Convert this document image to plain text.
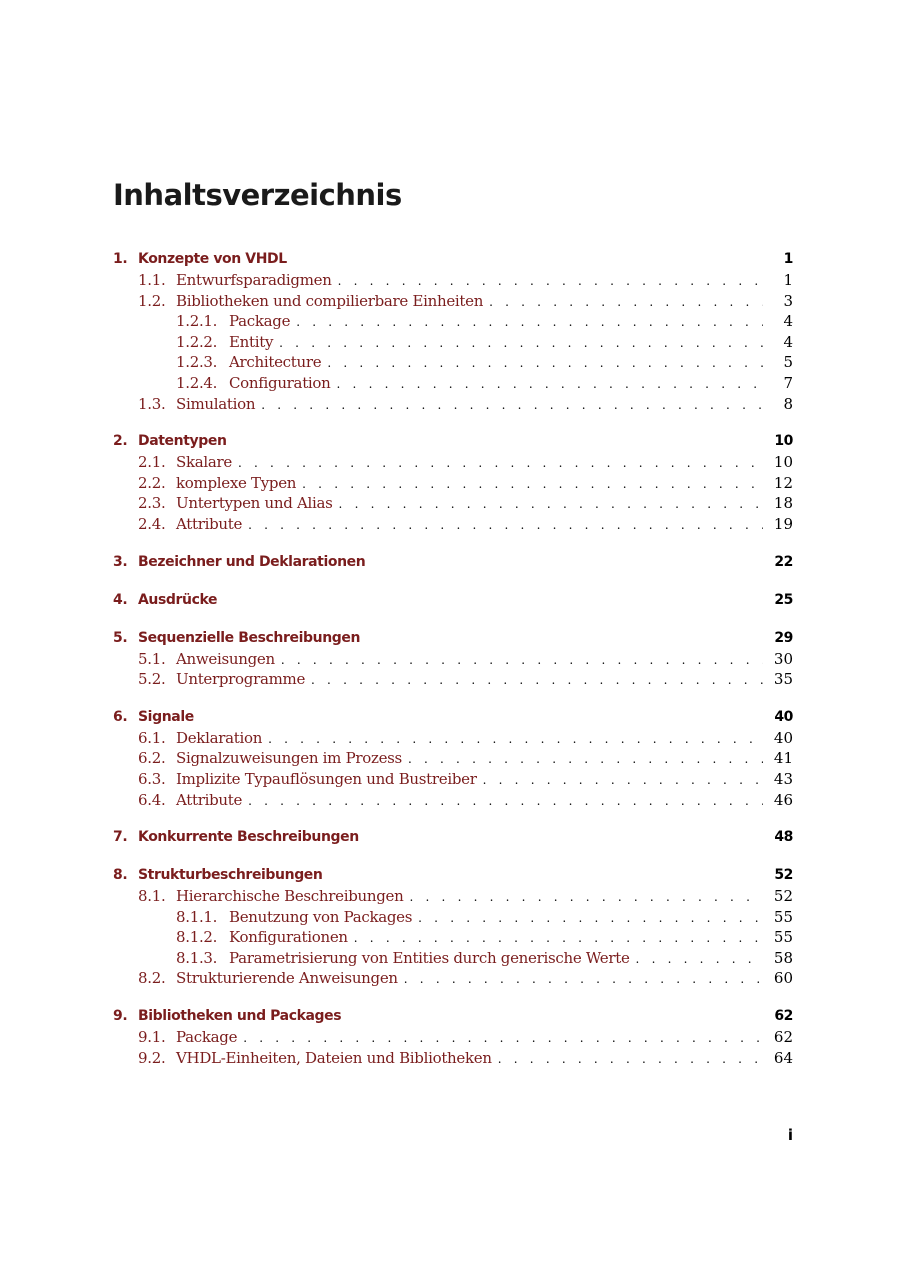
Inhaltsverzeichnis
1. Konzepte von VHDL	1
1.1. Entwurfsparadigmen . . .	1
1.2. Bibliotheken und compilierbare Einheiten . . .	3
1.2.1. Package . . .	4
1.2.2. Entity . . .	4
1.2.3. Architecture . . .	5
1.2.4. Configuration . . .	7
1.3. Simulation . . .	8
2. Datentypen	10
2.1. Skalare . . .	10
2.2. komplexe Typen . . .	12
2.3. Untertypen und Alias . . .	18
2.4. Attribute . . .	19
3. Bezeichner und Deklarationen	22
4. Ausdrücke	25
5. Sequenzielle Beschreibungen	29
5.1. Anweisungen . . .	30
5.2. Unterprogramme . . .	35
6. Signale	40
6.1. Deklaration . . .	40
6.2. Signalzuweisungen im Prozess . . .	41
6.3. Implizite Typauflösungen und Bustreiber . . .	43
6.4. Attribute . . .	46
7. Konkurrente Beschreibungen	48
8. Strukturbeschreibungen	52
8.1. Hierarchische Beschreibungen . . .	52
8.1.1. Benutzung von Packages . . .	55
8.1.2. Konfigurationen . . .	55
8.1.3. Parametrisierung von Entities durch generische Werte . . .	58
8.2. Strukturierende Anweisungen . . .	60
9. Bibliotheken und Packages	62
9.1. Package . . .	62
9.2. VHDL-Einheiten, Dateien und Bibliotheken . . .	64
i
